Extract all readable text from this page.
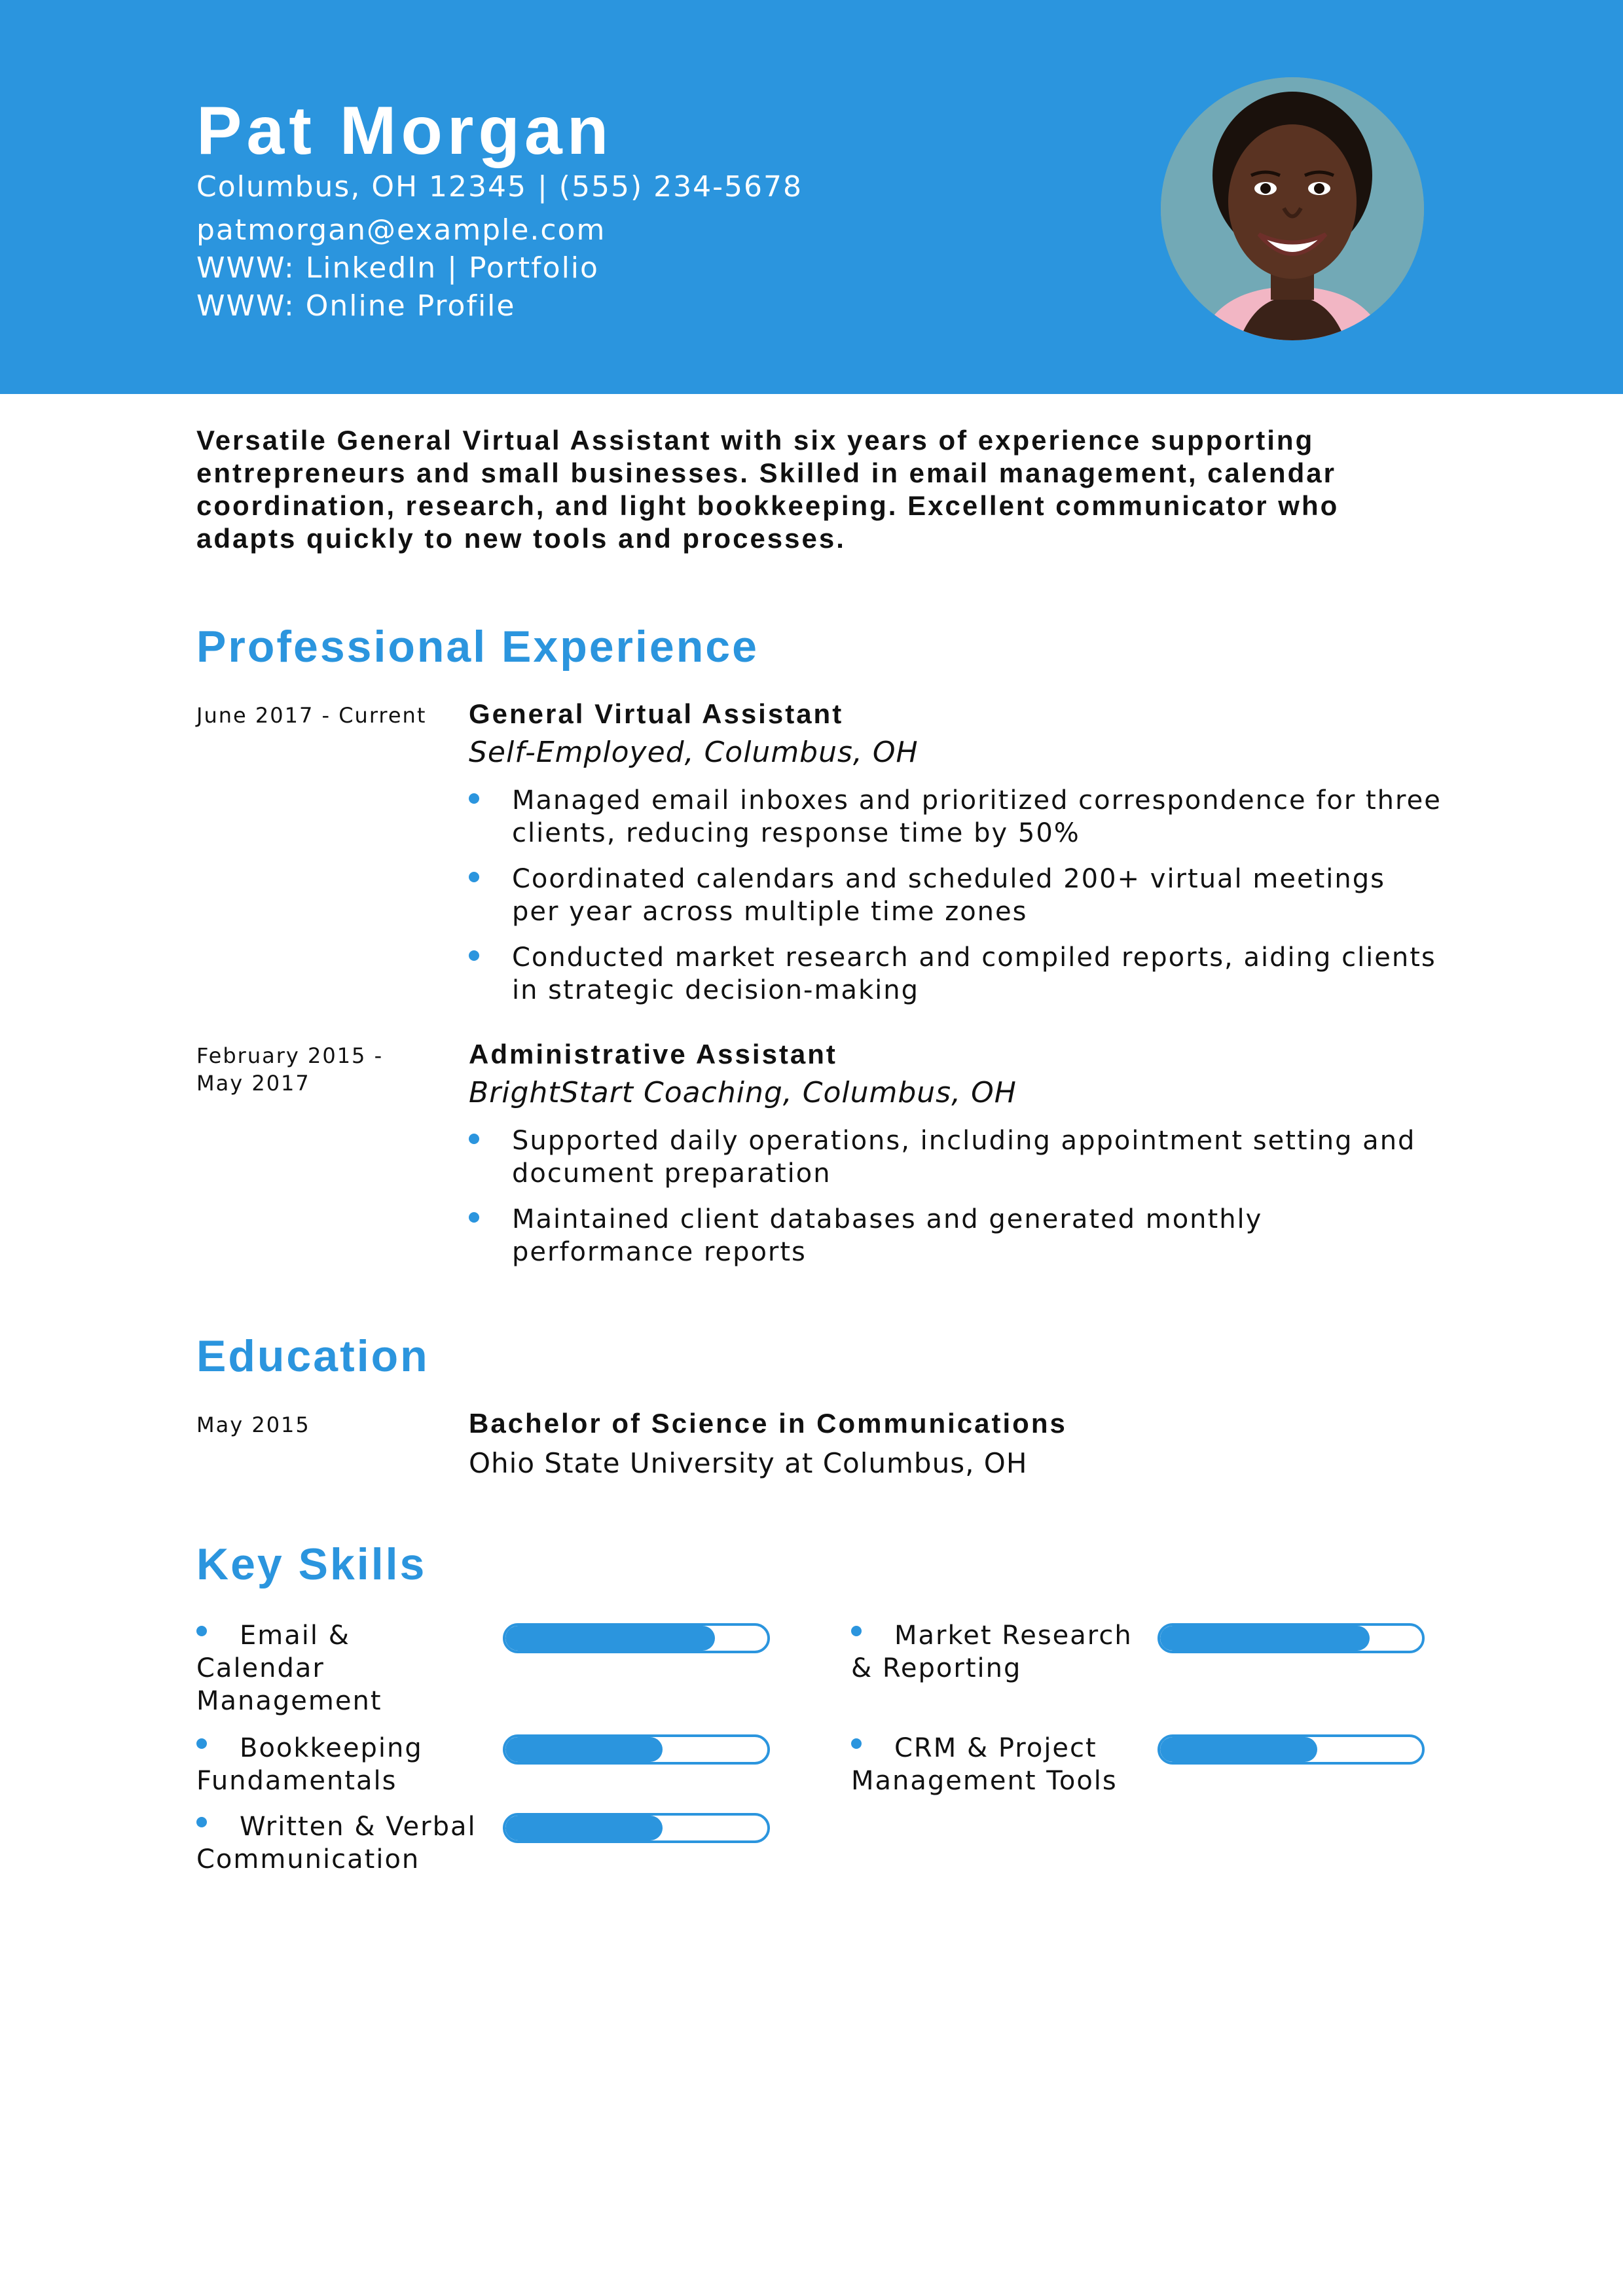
Pat Morgan
Columbus, OH 12345 | (555) 234-5678
patmorgan@example.com
WWW: LinkedIn | Portfolio
WWW: Online Profile

Versatile General Virtual Assistant with six years of experience supporting entrepreneurs and small businesses. Skilled in email management, calendar coordination, research, and light bookkeeping. Excellent communicator who adapts quickly to new tools and processes.

Professional Experience
June 2017 - Current General Virtual Assistant
Self-Employed, Columbus, OH
Managed email inboxes and prioritized correspondence for three clients, reducing response time by 50%
Coordinated calendars and scheduled 200+ virtual meetings per year across multiple time zones
Conducted market research and compiled reports, aiding clients in strategic decision-making
February 2015 - May 2017
Administrative Assistant
BrightStart Coaching, Columbus, OH
Supported daily operations, including appointment setting and document preparation
Maintained client databases and generated monthly performance reports
Education
May 2015	Bachelor of Science in Communications
Ohio State University at Columbus, OH
Key Skills
Email & Calendar Management
Market Research & Reporting
Bookkeeping Fundamentals
CRM & Project Management Tools
Written & Verbal Communication
